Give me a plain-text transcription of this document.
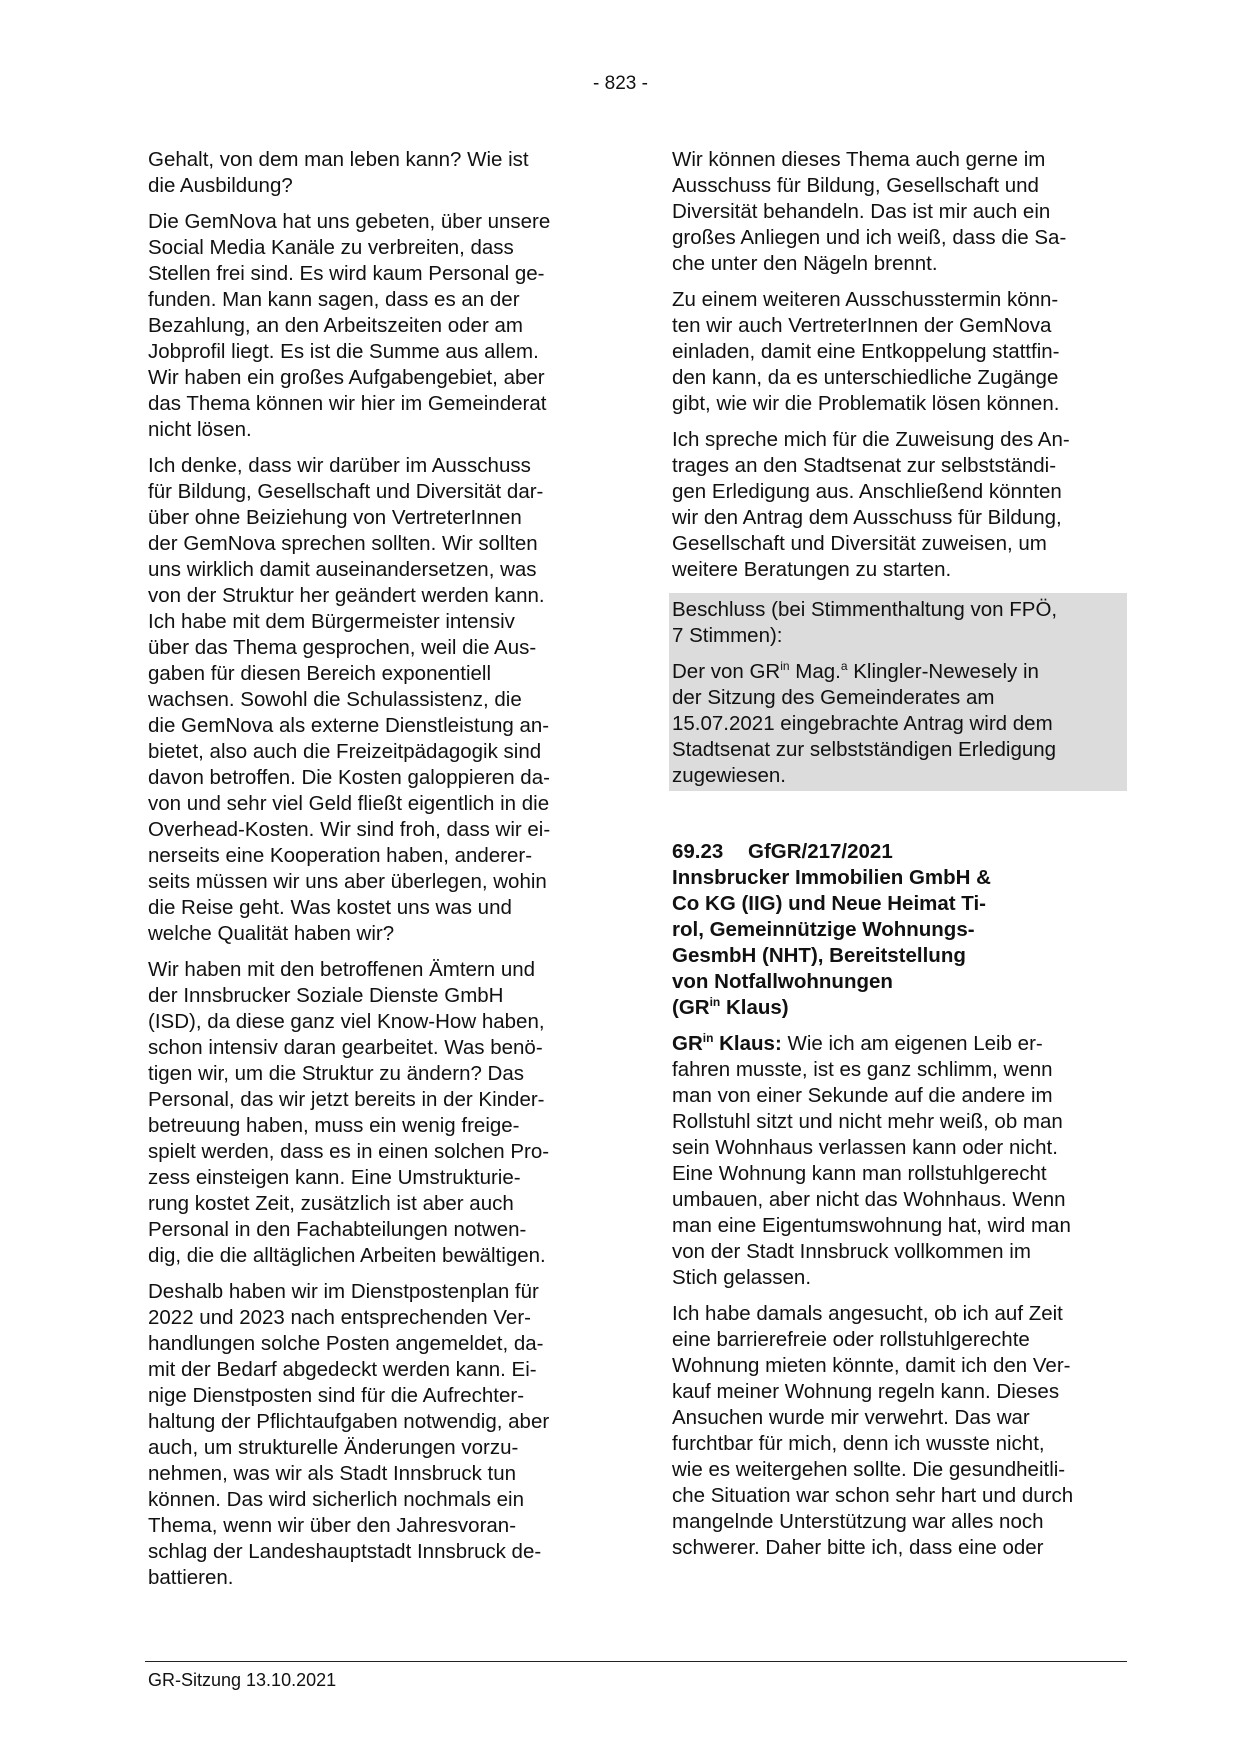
- 823 -

Gehalt, von dem man leben kann? Wie ist
die Ausbildung?

Die GemNova hat uns gebeten, über unsere
Social Media Kanäle zu verbreiten, dass
Stellen frei sind. Es wird kaum Personal ge-
funden. Man kann sagen, dass es an der
Bezahlung, an den Arbeitszeiten oder am
Jobprofil liegt. Es ist die Summe aus allem.
Wir haben ein großes Aufgabengebiet, aber
das Thema können wir hier im Gemeinderat
nicht lösen.

Ich denke, dass wir darüber im Ausschuss
für Bildung, Gesellschaft und Diversität dar-
über ohne Beiziehung von VertreterInnen
der GemNova sprechen sollten. Wir sollten
uns wirklich damit auseinandersetzen, was
von der Struktur her geändert werden kann.
Ich habe mit dem Bürgermeister intensiv
über das Thema gesprochen, weil die Aus-
gaben für diesen Bereich exponentiell
wachsen. Sowohl die Schulassistenz, die
die GemNova als externe Dienstleistung an-
bietet, also auch die Freizeitpädagogik sind
davon betroffen. Die Kosten galoppieren da-
von und sehr viel Geld fließt eigentlich in die
Overhead-Kosten. Wir sind froh, dass wir ei-
nerseits eine Kooperation haben, anderer-
seits müssen wir uns aber überlegen, wohin
die Reise geht. Was kostet uns was und
welche Qualität haben wir?

Wir haben mit den betroffenen Ämtern und
der Innsbrucker Soziale Dienste GmbH
(ISD), da diese ganz viel Know-How haben,
schon intensiv daran gearbeitet. Was benö-
tigen wir, um die Struktur zu ändern? Das
Personal, das wir jetzt bereits in der Kinder-
betreuung haben, muss ein wenig freige-
spielt werden, dass es in einen solchen Pro-
zess einsteigen kann. Eine Umstrukturie-
rung kostet Zeit, zusätzlich ist aber auch
Personal in den Fachabteilungen notwen-
dig, die die alltäglichen Arbeiten bewältigen.

Deshalb haben wir im Dienstpostenplan für
2022 und 2023 nach entsprechenden Ver-
handlungen solche Posten angemeldet, da-
mit der Bedarf abgedeckt werden kann. Ei-
nige Dienstposten sind für die Aufrechter-
haltung der Pflichtaufgaben notwendig, aber
auch, um strukturelle Änderungen vorzu-
nehmen, was wir als Stadt Innsbruck tun
können. Das wird sicherlich nochmals ein
Thema, wenn wir über den Jahresvoran-
schlag der Landeshauptstadt Innsbruck de-
battieren.

Wir können dieses Thema auch gerne im
Ausschuss für Bildung, Gesellschaft und
Diversität behandeln. Das ist mir auch ein
großes Anliegen und ich weiß, dass die Sa-
che unter den Nägeln brennt.

Zu einem weiteren Ausschusstermin könn-
ten wir auch VertreterInnen der GemNova
einladen, damit eine Entkoppelung stattfin-
den kann, da es unterschiedliche Zugänge
gibt, wie wir die Problematik lösen können.

Ich spreche mich für die Zuweisung des An-
trages an den Stadtsenat zur selbstständi-
gen Erledigung aus. Anschließend könnten
wir den Antrag dem Ausschuss für Bildung,
Gesellschaft und Diversität zuweisen, um
weitere Beratungen zu starten.

Beschluss (bei Stimmenthaltung von FPÖ,
7 Stimmen):

Der von $GR^{in}$ Mag.$^a$ Klingler-Newesely in
der Sitzung des Gemeinderates am
15.07.2021 eingebrachte Antrag wird dem
Stadtsenat zur selbstständigen Erledigung
zugewiesen.

69.23	GfGR/217/2021

Innsbrucker Immobilien GmbH &
Co KG (IIG) und Neue Heimat Ti-
rol, Gemeinnützige Wohnungs-
GesmbH (NHT), Bereitstellung
von Notfallwohnungen
($GR^{in}$ Klaus)

$GR^{in}$ Klaus: Wie ich am eigenen Leib er-
fahren musste, ist es ganz schlimm, wenn
man von einer Sekunde auf die andere im
Rollstuhl sitzt und nicht mehr weiß, ob man
sein Wohnhaus verlassen kann oder nicht.
Eine Wohnung kann man rollstuhlgerecht
umbauen, aber nicht das Wohnhaus. Wenn
man eine Eigentumswohnung hat, wird man
von der Stadt Innsbruck vollkommen im
Stich gelassen.

Ich habe damals angesucht, ob ich auf Zeit
eine barrierefreie oder rollstuhlgerechte
Wohnung mieten könnte, damit ich den Ver-
kauf meiner Wohnung regeln kann. Dieses
Ansuchen wurde mir verwehrt. Das war
furchtbar für mich, denn ich wusste nicht,
wie es weitergehen sollte. Die gesundheitli-
che Situation war schon sehr hart und durch
mangelnde Unterstützung war alles noch
schwerer. Daher bitte ich, dass eine oder

GR-Sitzung 13.10.2021
